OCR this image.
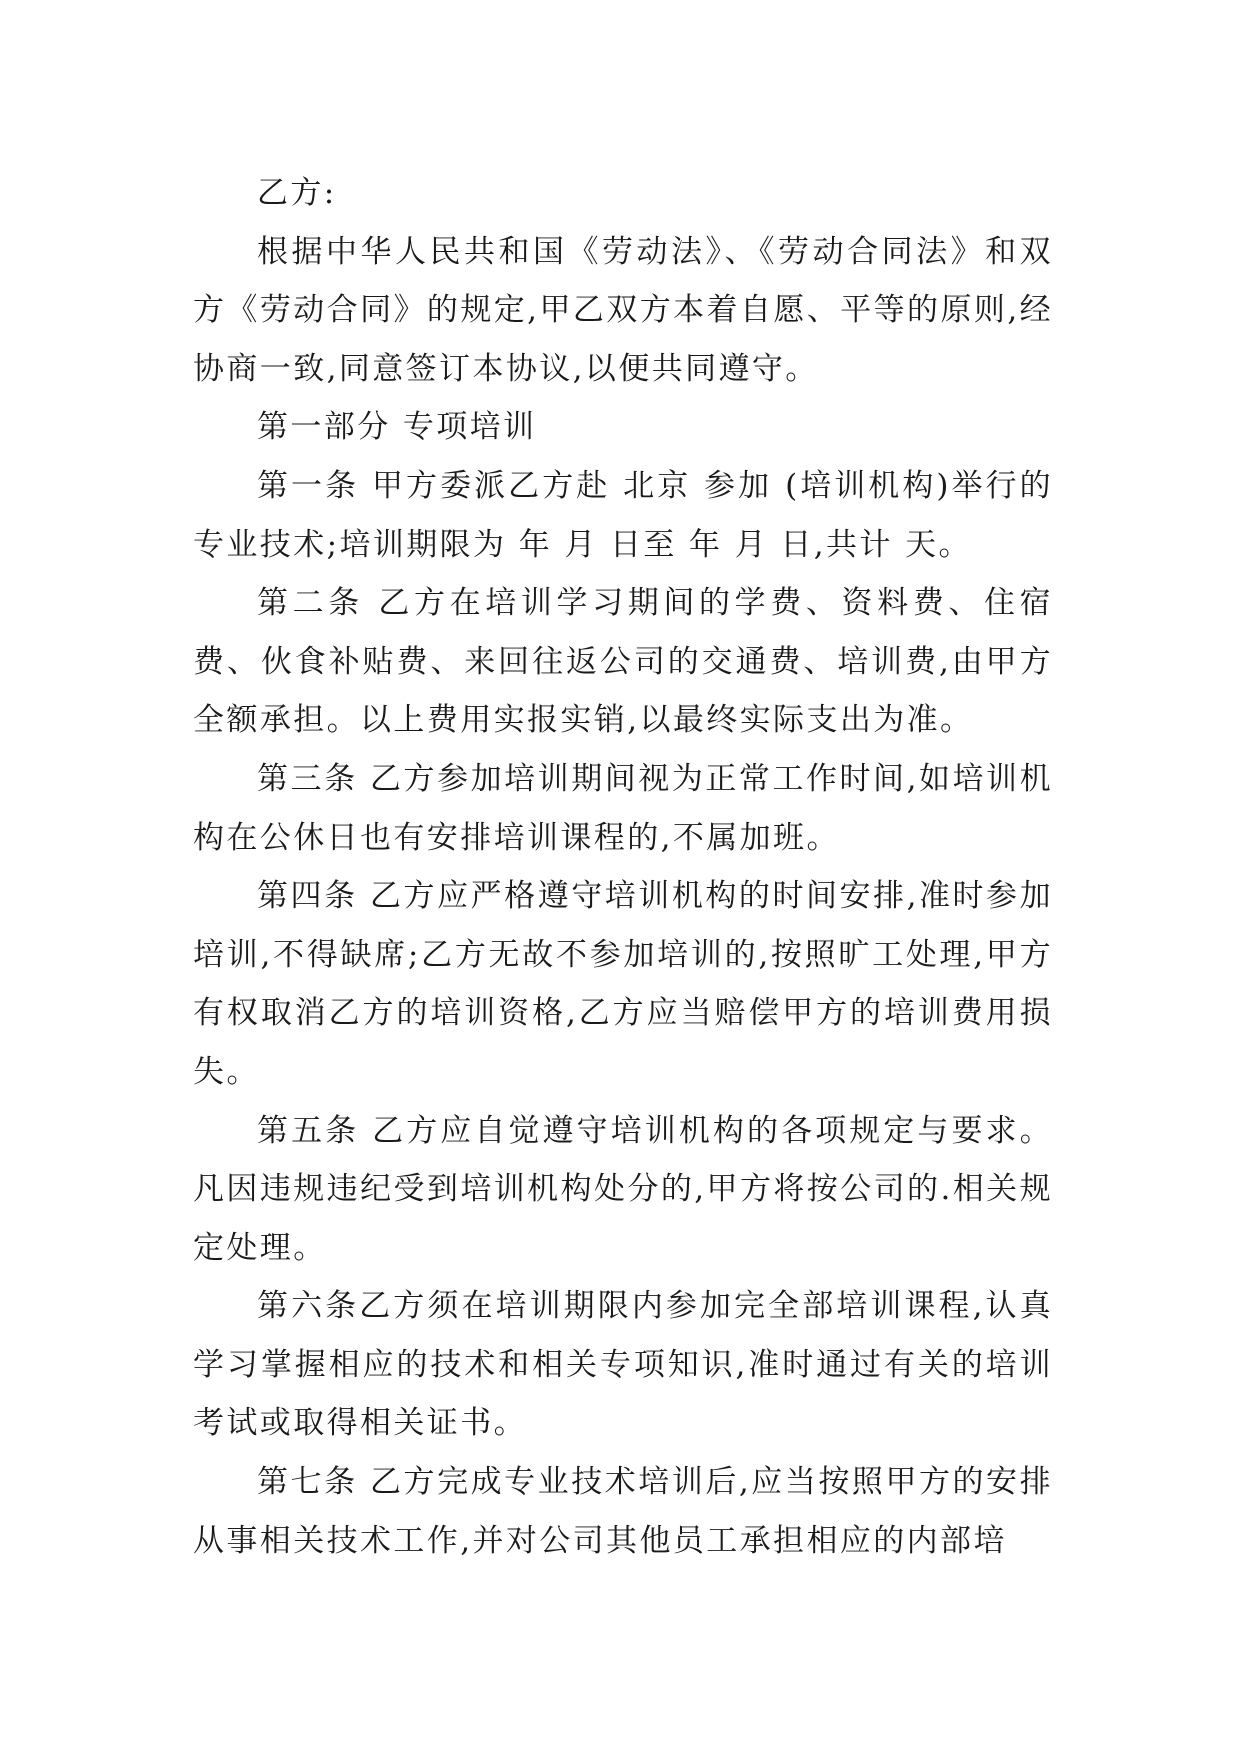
乙方:

根据中华人民共和国《劳动法》、《劳动合同法》和双方《劳动合同》的规定,甲乙双方本着自愿、平等的原则,经协商一致,同意签订本协议,以便共同遵守。

第一部分 专项培训

第一条 甲方委派乙方赴 北京 参加 (培训机构)举行的专业技术;培训期限为 年 月 日至 年 月 日,共计 天。

第二条 乙方在培训学习期间的学费、资料费、住宿费、伙食补贴费、来回往返公司的交通费、培训费,由甲方全额承担。以上费用实报实销,以最终实际支出为准。

第三条 乙方参加培训期间视为正常工作时间,如培训机构在公休日也有安排培训课程的,不属加班。

第四条 乙方应严格遵守培训机构的时间安排,准时参加培训,不得缺席;乙方无故不参加培训的,按照旷工处理,甲方有权取消乙方的培训资格,乙方应当赔偿甲方的培训费用损失。

第五条 乙方应自觉遵守培训机构的各项规定与要求。凡因违规违纪受到培训机构处分的,甲方将按公司的.相关规定处理。

第六条乙方须在培训期限内参加完全部培训课程,认真学习掌握相应的技术和相关专项知识,准时通过有关的培训考试或取得相关证书。

第七条 乙方完成专业技术培训后,应当按照甲方的安排从事相关技术工作,并对公司其他员工承担相应的内部培
